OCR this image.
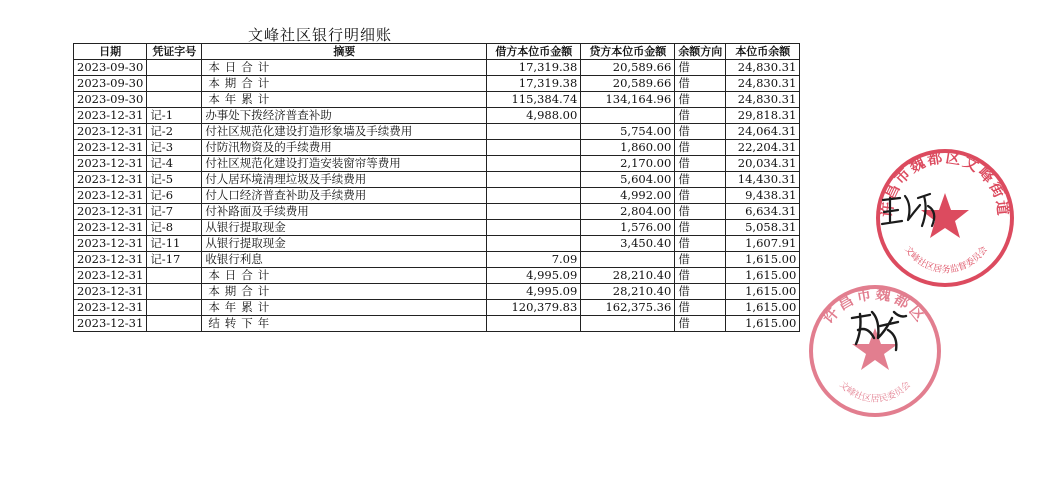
文峰社区银行明细账
日期	凭证字号	摘要	借方本位币金额	贷方本位币金额	余额方向	本位币余额
2023-09-30		本日合计	17,319.38	20,589.66	借	24,830.31
2023-09-30		本期合计	17,319.38	20,589.66	借	24,830.31
2023-09-30		本年累计	115,384.74	134,164.96	借	24,830.31
2023-12-31	记-1	办事处下拨经济普查补助	4,988.00		借	29,818.31
2023-12-31	记-2	付社区规范化建设打造形象墙及手续费用		5,754.00	借	24,064.31
2023-12-31	记-3	付防汛物资及的手续费用		1,860.00	借	22,204.31
2023-12-31	记-4	付社区规范化建设打造安装窗帘等费用		2,170.00	借	20,034.31
2023-12-31	记-5	付人居环境清理垃圾及手续费用		5,604.00	借	14,430.31
2023-12-31	记-6	付人口经济普查补助及手续费用		4,992.00	借	9,438.31
2023-12-31	记-7	付补路面及手续费用		2,804.00	借	6,634.31
2023-12-31	记-8	从银行提取现金		1,576.00	借	5,058.31
2023-12-31	记-11	从银行提取现金		3,450.40	借	1,607.91
2023-12-31	记-17	收银行利息	7.09		借	1,615.00
2023-12-31		本日合计	4,995.09	28,210.40	借	1,615.00
2023-12-31		本期合计	4,995.09	28,210.40	借	1,615.00
2023-12-31		本年累计	120,379.83	162,375.36	借	1,615.00
2023-12-31		结转下年			借	1,615.00
许昌市魏都区文峰街道
文峰社区居务监督委员会
许昌市魏都区
文峰社区居民委员会
